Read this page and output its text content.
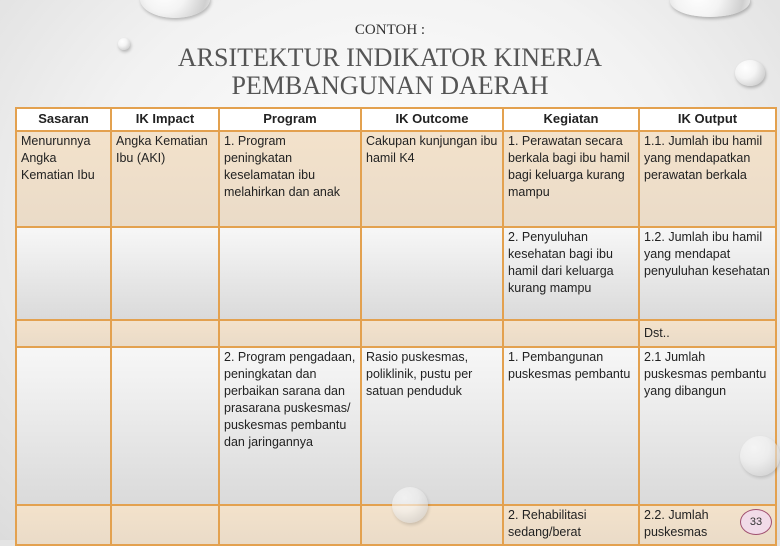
CONTOH :
ARSITEKTUR INDIKATOR KINERJA
PEMBANGUNAN DAERAH
Sasaran	IK Impact	Program	IK Outcome	Kegiatan	IK Output
Menurunnya Angka Kematian Ibu	Angka Kematian Ibu (AKI)	1. Program peningkatan keselamatan ibu melahirkan dan anak	Cakupan kunjungan ibu hamil K4	1. Perawatan secara berkala bagi ibu hamil bagi keluarga kurang mampu	1.1. Jumlah ibu hamil yang mendapatkan perawatan berkala
				2. Penyuluhan kesehatan bagi ibu hamil dari keluarga kurang mampu	1.2. Jumlah ibu hamil yang mendapat penyuluhan kesehatan
					Dst..
		2. Program pengadaan, peningkatan dan perbaikan sarana dan prasarana puskesmas/ puskesmas pembantu dan jaringannya	Rasio puskesmas, poliklinik, pustu per satuan penduduk	1. Pembangunan puskesmas pembantu	2.1 Jumlah puskesmas pembantu yang dibangun
				2. Rehabilitasi sedang/berat	2.2. Jumlah puskesmas
33
